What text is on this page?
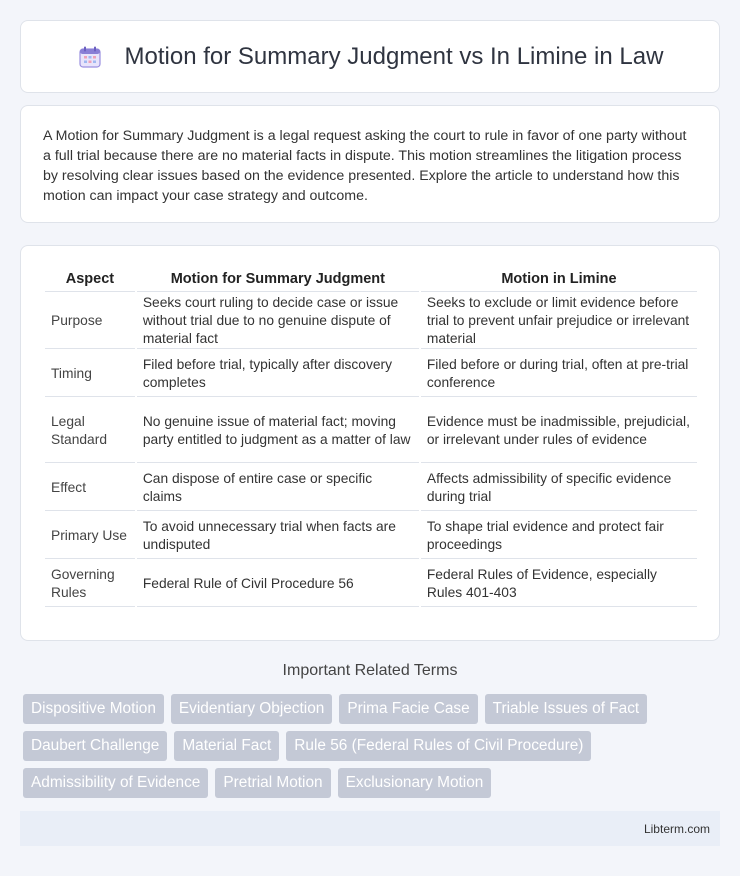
Motion for Summary Judgment vs In Limine in Law

A Motion for Summary Judgment is a legal request asking the court to rule in favor of one party without a full trial because there are no material facts in dispute. This motion streamlines the litigation process by resolving clear issues based on the evidence presented. Explore the article to understand how this motion can impact your case strategy and outcome.

Aspect	Motion for Summary Judgment	Motion in Limine
Purpose	Seeks court ruling to decide case or issue without trial due to no genuine dispute of material fact	Seeks to exclude or limit evidence before trial to prevent unfair prejudice or irrelevant material
Timing	Filed before trial, typically after discovery completes	Filed before or during trial, often at pre-trial conference
Legal Standard	No genuine issue of material fact; moving party entitled to judgment as a matter of law	Evidence must be inadmissible, prejudicial, or irrelevant under rules of evidence
Effect	Can dispose of entire case or specific claims	Affects admissibility of specific evidence during trial
Primary Use	To avoid unnecessary trial when facts are undisputed	To shape trial evidence and protect fair proceedings
Governing Rules	Federal Rule of Civil Procedure 56	Federal Rules of Evidence, especially Rules 401-403
Important Related Terms
Dispositive Motion	Evidentiary Objection	Prima Facie Case	Triable Issues of Fact
Daubert Challenge	Material Fact	Rule 56 (Federal Rules of Civil Procedure)
Admissibility of Evidence	Pretrial Motion	Exclusionary Motion
Libterm.com
